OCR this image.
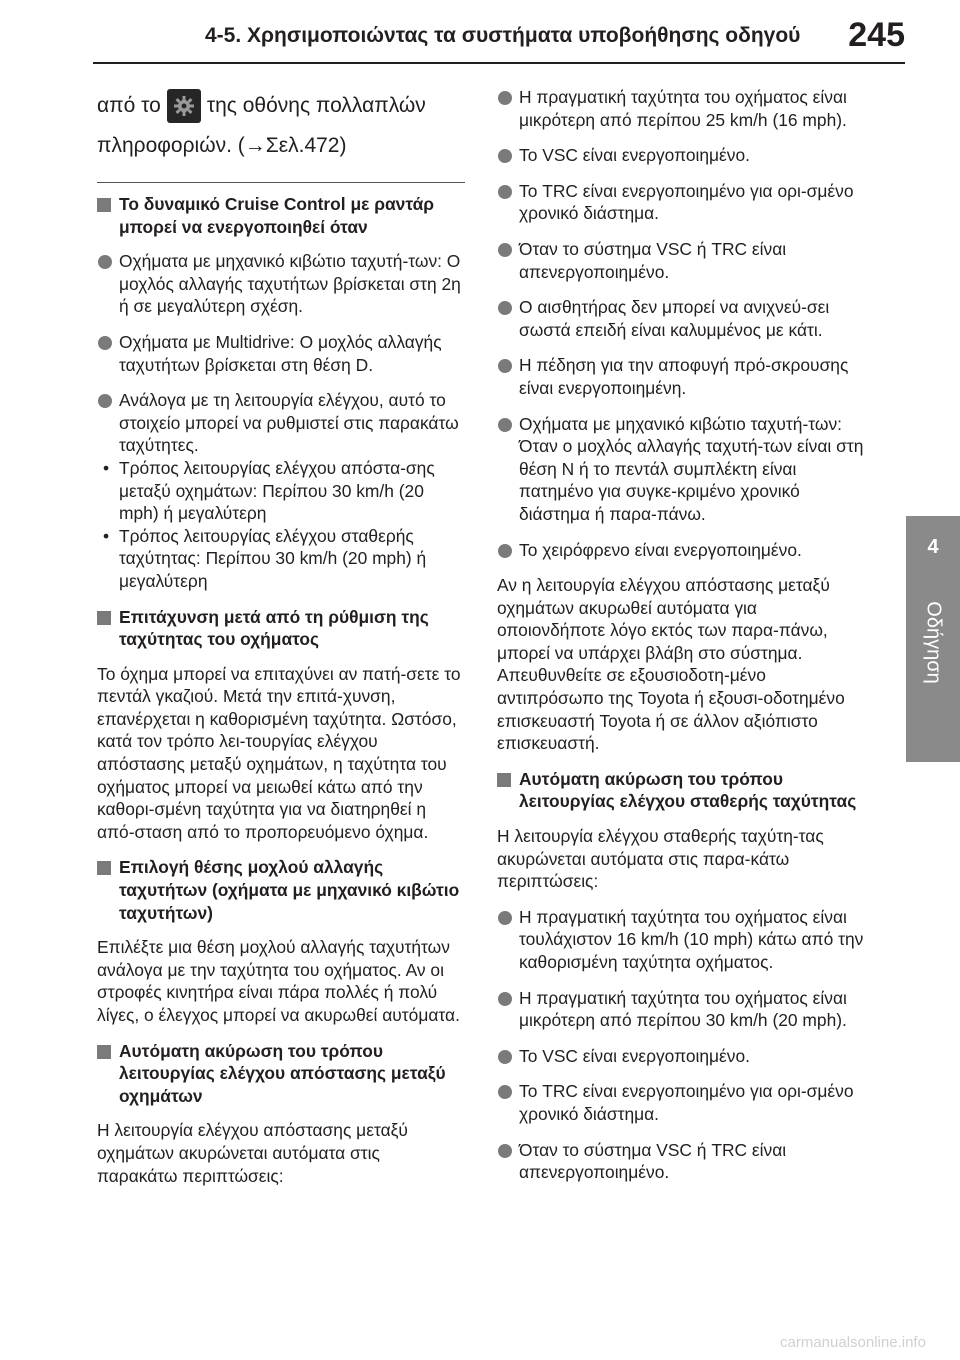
4-5. Χρησιμοποιώντας τα συστήματα υποβοήθησης οδηγού	245
4
Οδήγηση
από το της οθόνης πολλαπλών πληροφοριών. (→Σελ.472)
Το δυναμικό Cruise Control με ραντάρ μπορεί να ενεργοποιηθεί όταν
Οχήματα με μηχανικό κιβώτιο ταχυτή-των: Ο μοχλός αλλαγής ταχυτήτων βρίσκεται στη 2η ή σε μεγαλύτερη σχέση.
Οχήματα με Multidrive: Ο μοχλός αλλαγής ταχυτήτων βρίσκεται στη θέση D.
Ανάλογα με τη λειτουργία ελέγχου, αυτό το στοιχείο μπορεί να ρυθμιστεί στις παρακάτω ταχύτητες.
• Τρόπος λειτουργίας ελέγχου απόστα-σης μεταξύ οχημάτων: Περίπου 30 km/h (20 mph) ή μεγαλύτερη
• Τρόπος λειτουργίας ελέγχου σταθερής ταχύτητας: Περίπου 30 km/h (20 mph) ή μεγαλύτερη
Επιτάχυνση μετά από τη ρύθμιση της ταχύτητας του οχήματος
Το όχημα μπορεί να επιταχύνει αν πατή-σετε το πεντάλ γκαζιού. Μετά την επιτά-χυνση, επανέρχεται η καθορισμένη ταχύτητα. Ωστόσο, κατά τον τρόπο λει-τουργίας ελέγχου απόστασης μεταξύ οχημάτων, η ταχύτητα του οχήματος μπορεί να μειωθεί κάτω από την καθορι-σμένη ταχύτητα για να διατηρηθεί η από-σταση από το προπορευόμενο όχημα.
Επιλογή θέσης μοχλού αλλαγής ταχυτήτων (οχήματα με μηχανικό κιβώτιο ταχυτήτων)
Επιλέξτε μια θέση μοχλού αλλαγής ταχυτήτων ανάλογα με την ταχύτητα του οχήματος. Αν οι στροφές κινητήρα είναι πάρα πολλές ή πολύ λίγες, ο έλεγχος μπορεί να ακυρωθεί αυτόματα.
Αυτόματη ακύρωση του τρόπου λειτουργίας ελέγχου απόστασης μεταξύ οχημάτων
Η λειτουργία ελέγχου απόστασης μεταξύ οχημάτων ακυρώνεται αυτόματα στις παρακάτω περιπτώσεις:
Η πραγματική ταχύτητα του οχήματος είναι μικρότερη από περίπου 25 km/h (16 mph).
Το VSC είναι ενεργοποιημένο.
Το TRC είναι ενεργοποιημένο για ορι-σμένο χρονικό διάστημα.
Όταν το σύστημα VSC ή TRC είναι απενεργοποιημένο.
Ο αισθητήρας δεν μπορεί να ανιχνεύ-σει σωστά επειδή είναι καλυμμένος με κάτι.
Η πέδηση για την αποφυγή πρό-σκρουσης είναι ενεργοποιημένη.
Οχήματα με μηχανικό κιβώτιο ταχυτή-των: Όταν ο μοχλός αλλαγής ταχυτή-των είναι στη θέση N ή το πεντάλ συμπλέκτη είναι πατημένο για συγκε-κριμένο χρονικό διάστημα ή παρα-πάνω.
Το χειρόφρενο είναι ενεργοποιημένο.
Αν η λειτουργία ελέγχου απόστασης μεταξύ οχημάτων ακυρωθεί αυτόματα για οποιονδήποτε λόγο εκτός των παρα-πάνω, μπορεί να υπάρχει βλάβη στο σύστημα. Απευθυνθείτε σε εξουσιοδοτη-μένο αντιπρόσωπο της Toyota ή εξουσι-οδοτημένο επισκευαστή Toyota ή σε άλλον αξιόπιστο επισκευαστή.
Αυτόματη ακύρωση του τρόπου λειτουργίας ελέγχου σταθερής ταχύτητας
Η λειτουργία ελέγχου σταθερής ταχύτη-τας ακυρώνεται αυτόματα στις παρα-κάτω περιπτώσεις:
Η πραγματική ταχύτητα του οχήματος είναι τουλάχιστον 16 km/h (10 mph) κάτω από την καθορισμένη ταχύτητα οχήματος.
Η πραγματική ταχύτητα του οχήματος είναι μικρότερη από περίπου 30 km/h (20 mph).
Το VSC είναι ενεργοποιημένο.
Το TRC είναι ενεργοποιημένο για ορι-σμένο χρονικό διάστημα.
Όταν το σύστημα VSC ή TRC είναι απενεργοποιημένο.
carmanualsonline.info
